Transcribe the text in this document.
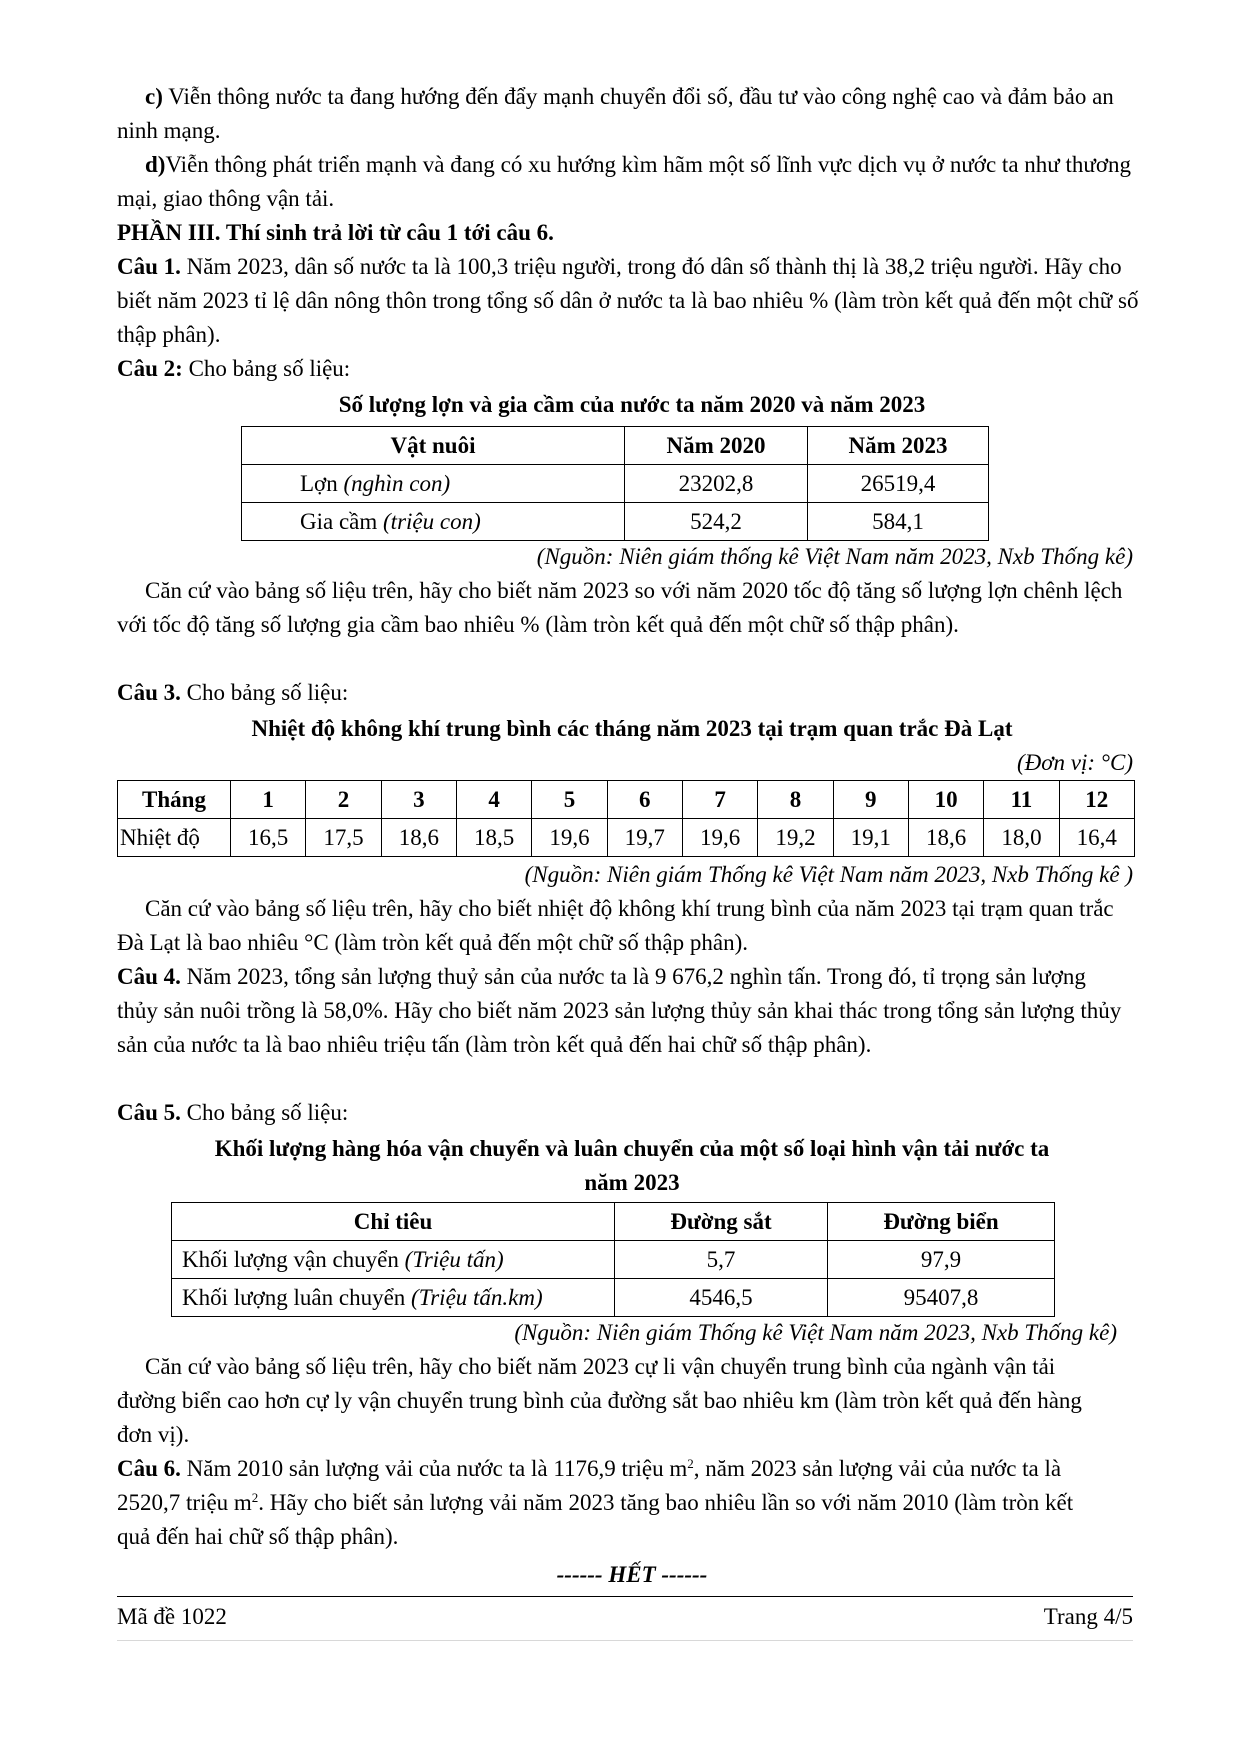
c) Viễn thông nước ta đang hướng đến đẩy mạnh chuyển đổi số, đầu tư vào công nghệ cao và đảm bảo an ninh mạng.

d)Viễn thông phát triển mạnh và đang có xu hướng kìm hãm một số lĩnh vực dịch vụ ở nước ta như thương mại, giao thông vận tải.

PHẦN III. Thí sinh trả lời từ câu 1 tới câu 6.

Câu 1. Năm 2023, dân số nước ta là 100,3 triệu người, trong đó dân số thành thị là 38,2 triệu người. Hãy cho biết năm 2023 tỉ lệ dân nông thôn trong tổng số dân ở nước ta là bao nhiêu % (làm tròn kết quả đến một chữ số thập phân).

Câu 2: Cho bảng số liệu:
Số lượng lợn và gia cầm của nước ta năm 2020 và năm 2023
Vật nuôi	Năm 2020	Năm 2023
Lợn (nghìn con)	23202,8	26519,4
Gia cầm (triệu con)	524,2	584,1
(Nguồn: Niên giám thống kê Việt Nam năm 2023, Nxb Thống kê)

Căn cứ vào bảng số liệu trên, hãy cho biết năm 2023 so với năm 2020 tốc độ tăng số lượng lợn chênh lệch với tốc độ tăng số lượng gia cầm bao nhiêu % (làm tròn kết quả đến một chữ số thập phân).

Câu 3. Cho bảng số liệu:
Nhiệt độ không khí trung bình các tháng năm 2023 tại trạm quan trắc Đà Lạt
(Đơn vị: °C)
Tháng	1	2	3	4	5	6	7	8	9	10	11	12
Nhiệt độ	16,5	17,5	18,6	18,5	19,6	19,7	19,6	19,2	19,1	18,6	18,0	16,4
(Nguồn: Niên giám Thống kê Việt Nam năm 2023, Nxb Thống kê )

Căn cứ vào bảng số liệu trên, hãy cho biết nhiệt độ không khí trung bình của năm 2023 tại trạm quan trắc Đà Lạt là bao nhiêu °C (làm tròn kết quả đến một chữ số thập phân).

Câu 4. Năm 2023, tổng sản lượng thuỷ sản của nước ta là 9 676,2 nghìn tấn. Trong đó, tỉ trọng sản lượng thủy sản nuôi trồng là 58,0%. Hãy cho biết năm 2023 sản lượng thủy sản khai thác trong tổng sản lượng thủy sản của nước ta là bao nhiêu triệu tấn (làm tròn kết quả đến hai chữ số thập phân).

Câu 5. Cho bảng số liệu:
Khối lượng hàng hóa vận chuyển và luân chuyển của một số loại hình vận tải nước ta
năm 2023
Chỉ tiêu	Đường sắt	Đường biển
Khối lượng vận chuyển (Triệu tấn)	5,7	97,9
Khối lượng luân chuyển (Triệu tấn.km)	4546,5	95407,8
(Nguồn: Niên giám Thống kê Việt Nam năm 2023, Nxb Thống kê)

Căn cứ vào bảng số liệu trên, hãy cho biết năm 2023 cự li vận chuyển trung bình của ngành vận tải đường biển cao hơn cự ly vận chuyển trung bình của đường sắt bao nhiêu km (làm tròn kết quả đến hàng đơn vị).

Câu 6. Năm 2010 sản lượng vải của nước ta là 1176,9 triệu $m^2$, năm 2023 sản lượng vải của nước ta là 2520,7 triệu $m^2$. Hãy cho biết sản lượng vải năm 2023 tăng bao nhiêu lần so với năm 2010 (làm tròn kết quả đến hai chữ số thập phân).

------ HẾT ------
Mã đề 1022	Trang 4/5
